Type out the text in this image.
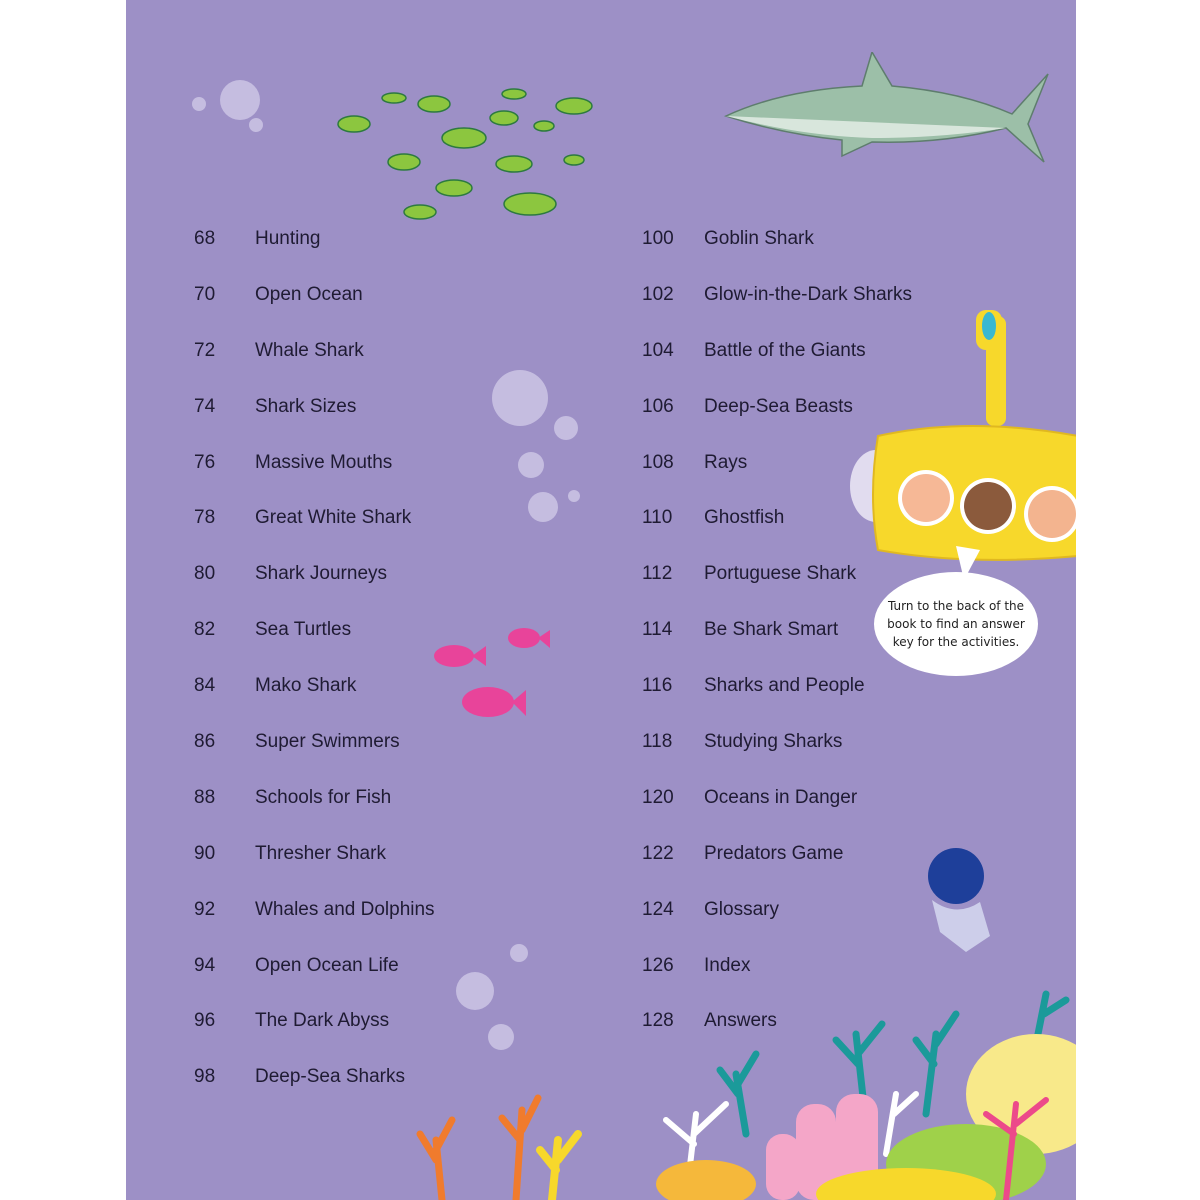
Turn to the back of the book to find an answer key for the activities.
68 Hunting
70 Open Ocean
72 Whale Shark
74 Shark Sizes
76 Massive Mouths
78 Great White Shark
80 Shark Journeys
82 Sea Turtles
84 Mako Shark
86 Super Swimmers
88 Schools for Fish
90 Thresher Shark
92 Whales and Dolphins
94 Open Ocean Life
96 The Dark Abyss
98 Deep-Sea Sharks
100 Goblin Shark
102 Glow-in-the-Dark Sharks
104 Battle of the Giants
106 Deep-Sea Beasts
108 Rays
110 Ghostfish
112 Portuguese Shark
114 Be Shark Smart
116 Sharks and People
118 Studying Sharks
120 Oceans in Danger
122 Predators Game
124 Glossary
126 Index
128 Answers
